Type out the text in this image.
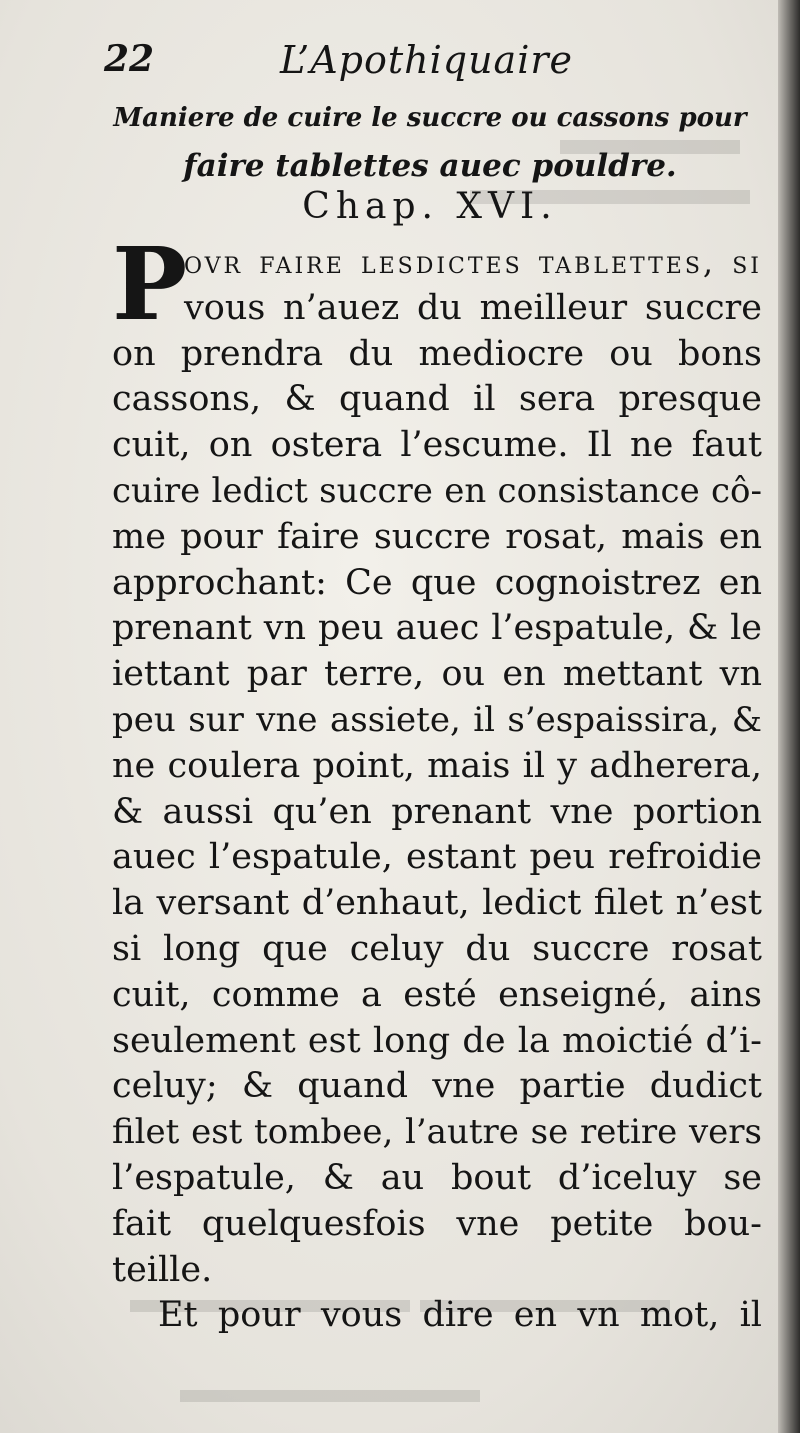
22	L’Apothiquaire
Maniere de cuire le succre ou cassons pour
faire tablettes auec pouldre.
Chap. XVI.
P
ovr faire lesdictes tablettes, si
vous n’auez du meilleur succre
on prendra du mediocre ou bons
cassons, & quand il sera presque
cuit, on ostera l’escume. Il ne faut
cuire ledict succre en consistance cô-
me pour faire succre rosat, mais en
approchant: Ce que cognoistrez en
prenant vn peu auec l’espatule, & le
iettant par terre, ou en mettant vn
peu sur vne assiete, il s’espaissira, &
ne coulera point, mais il y adherera,
& aussi qu’en prenant vne portion
auec l’espatule, estant peu refroidie
la versant d’enhaut, ledict filet n’est
si long que celuy du succre rosat
cuit, comme a esté enseigné, ains
seulement est long de la moictié d’i-
celuy; & quand vne partie dudict
filet est tombee, l’autre se retire vers
l’espatule, & au bout d’iceluy se
fait quelquesfois vne petite bou-
teille.
Et pour vous dire en vn mot, il
